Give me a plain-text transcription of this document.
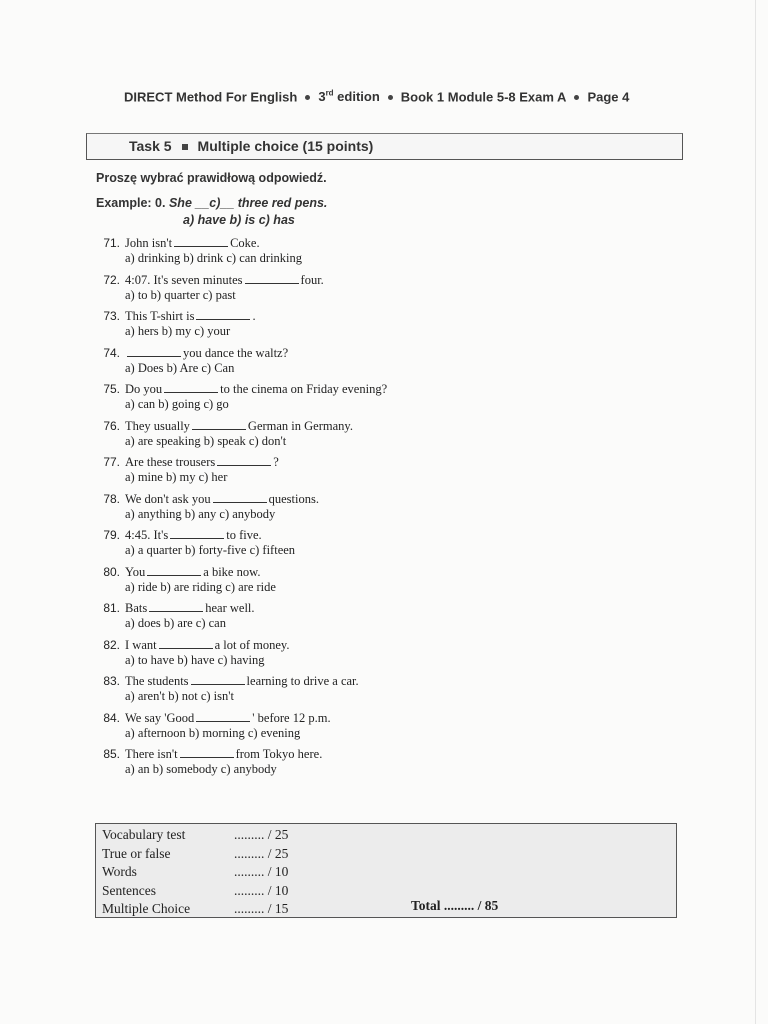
DIRECT Method For English 3rd edition Book 1 Module 5-8 Exam A Page 4
Task 5 Multiple choice (15 points)
Proszę wybrać prawidłową odpowiedź.
Example: 0. She __c)__ three red pens.
a) have b) is c) has
71. John isn't	Coke.
a) drinking b) drink c) can drinking
72. 4:07. It's seven minutes	four.
a) to b) quarter c) past
73. This T-shirt is	.
a) hers b) my c) your
74.	you dance the waltz?
a) Does b) Are c) Can
75. Do you	to the cinema on Friday evening?
a) can b) going c) go
76. They usually	German in Germany.
a) are speaking b) speak c) don't
77. Are these trousers	?
a) mine b) my c) her
78. We don't ask you	questions.
a) anything b) any c) anybody
79. 4:45. It's	to five.
a) a quarter b) forty-five c) fifteen
80. You	a bike now.
a) ride b) are riding c) are ride
81. Bats	hear well.
a) does b) are c) can
82. I want	a lot of money.
a) to have b) have c) having
83. The students	learning to drive a car.
a) aren't b) not c) isn't
84. We say 'Good	' before 12 p.m.
a) afternoon b) morning c) evening
85. There isn't	from Tokyo here.
a) an b) somebody c) anybody
Vocabulary test	......... / 25
True or false	......... / 25
Words	......... / 10
Sentences	......... / 10
Multiple Choice	......... / 15	Total ......... / 85
